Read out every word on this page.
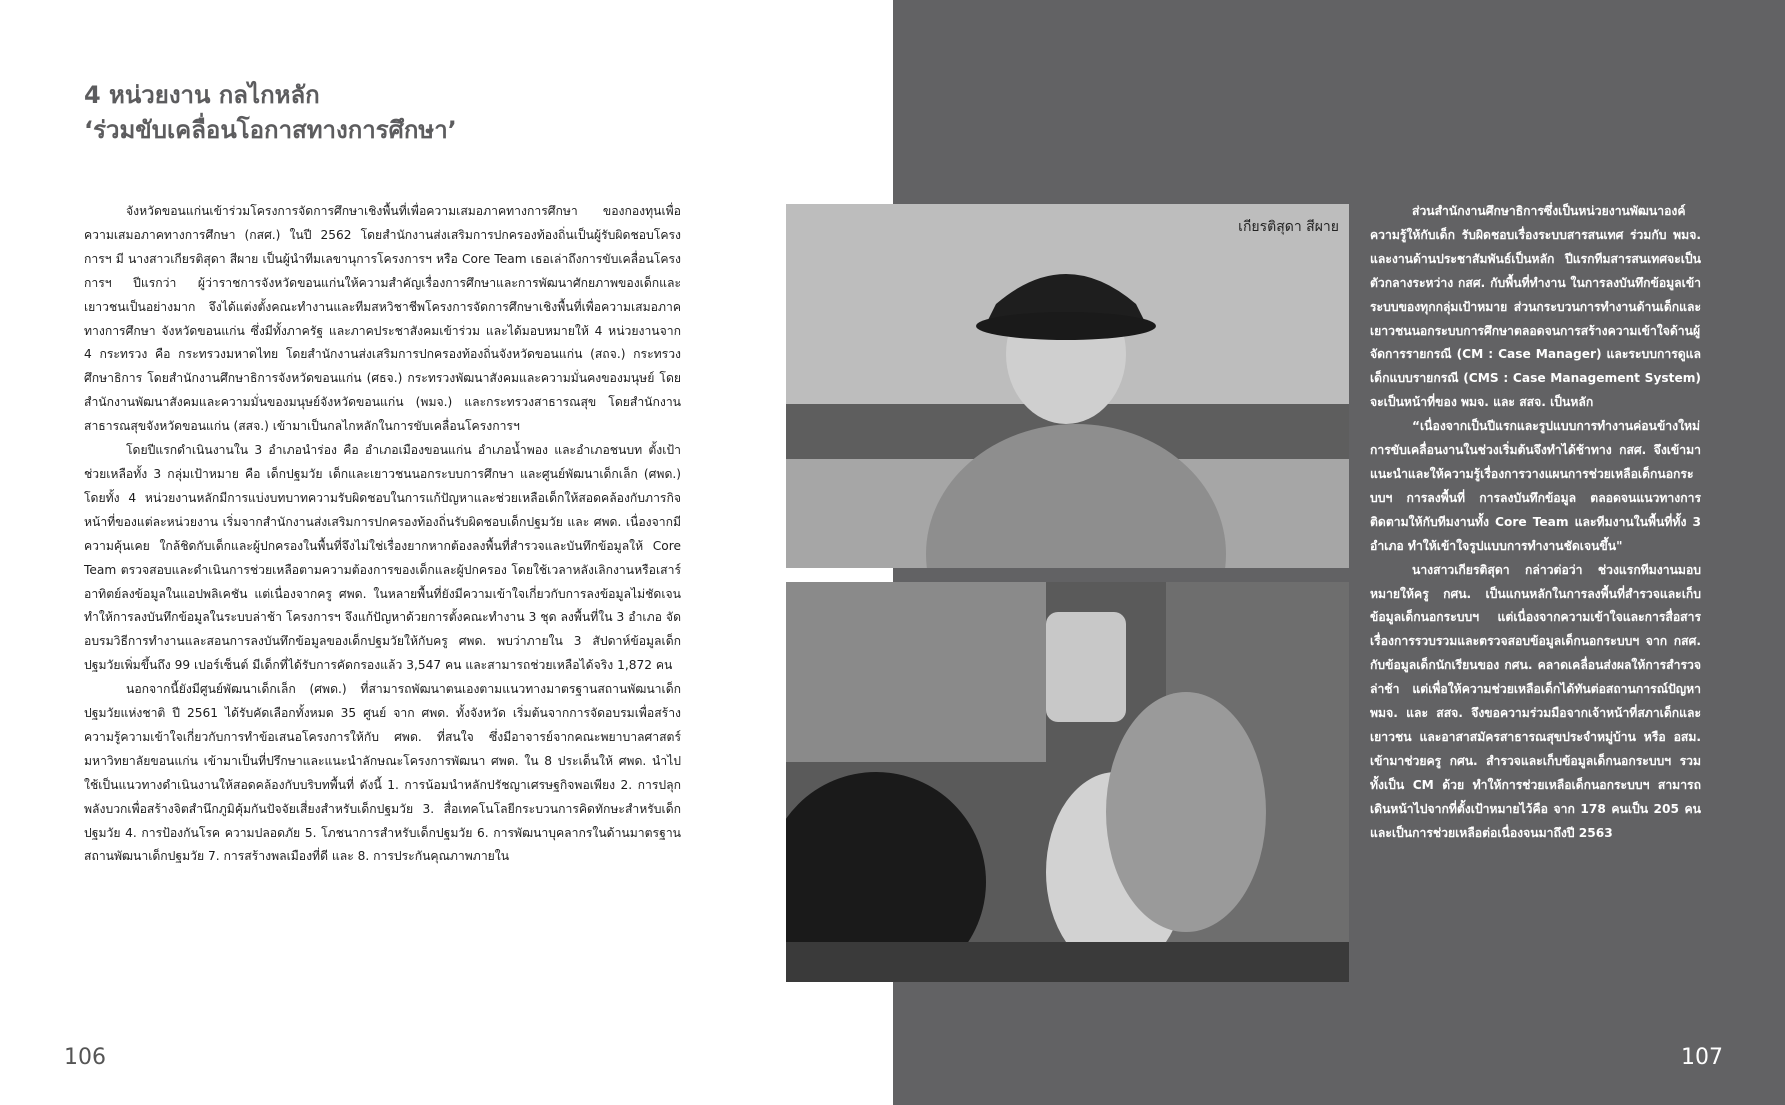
4 หน่วยงาน กลไกหลัก
‘ร่วมขับเคลื่อนโอกาสทางการศึกษา’

จังหวัดขอนแก่นเข้าร่วมโครงการจัดการศึกษาเชิงพื้นที่เพื่อความเสมอภาคทางการศึกษา ของกองทุนเพื่อความเสมอภาคทางการศึกษา (กสศ.) ในปี 2562 โดยสำนักงานส่งเสริมการปกครองท้องถิ่นเป็นผู้รับผิดชอบโครงการฯ มี นางสาวเกียรติสุดา สีผาย เป็นผู้นำทีมเลขานุการโครงการฯ หรือ Core Team เธอเล่าถึงการขับเคลื่อนโครงการฯ ปีแรกว่า ผู้ว่าราชการจังหวัดขอนแก่นให้ความสำคัญเรื่องการศึกษาและการพัฒนาศักยภาพของเด็กและเยาวชนเป็นอย่างมาก จึงได้แต่งตั้งคณะทำงานและทีมสหวิชาชีพโครงการจัดการศึกษาเชิงพื้นที่เพื่อความเสมอภาคทางการศึกษา จังหวัดขอนแก่น ซึ่งมีทั้งภาครัฐ และภาคประชาสังคมเข้าร่วม และได้มอบหมายให้ 4 หน่วยงานจาก 4 กระทรวง คือ กระทรวงมหาดไทย โดยสำนักงานส่งเสริมการปกครองท้องถิ่นจังหวัดขอนแก่น (สถจ.) กระทรวงศึกษาธิการ โดยสำนักงานศึกษาธิการจังหวัดขอนแก่น (ศธจ.) กระทรวงพัฒนาสังคมและความมั่นคงของมนุษย์ โดยสำนักงานพัฒนาสังคมและความมั่นของมนุษย์จังหวัดขอนแก่น (พมจ.) และกระทรวงสาธารณสุข โดยสำนักงานสาธารณสุขจังหวัดขอนแก่น (สสจ.) เข้ามาเป็นกลไกหลักในการขับเคลื่อนโครงการฯ

โดยปีแรกดำเนินงานใน 3 อำเภอนำร่อง คือ อำเภอเมืองขอนแก่น อำเภอน้ำพอง และอำเภอชนบท ตั้งเป้าช่วยเหลือทั้ง 3 กลุ่มเป้าหมาย คือ เด็กปฐมวัย เด็กและเยาวชนนอกระบบการศึกษา และศูนย์พัฒนาเด็กเล็ก (ศพด.) โดยทั้ง 4 หน่วยงานหลักมีการแบ่งบทบาทความรับผิดชอบในการแก้ปัญหาและช่วยเหลือเด็กให้สอดคล้องกับภารกิจหน้าที่ของแต่ละหน่วยงาน เริ่มจากสำนักงานส่งเสริมการปกครองท้องถิ่นรับผิดชอบเด็กปฐมวัย และ ศพด. เนื่องจากมีความคุ้นเคย ใกล้ชิดกับเด็กและผู้ปกครองในพื้นที่จึงไม่ใช่เรื่องยากหากต้องลงพื้นที่สำรวจและบันทึกข้อมูลให้ Core Team ตรวจสอบและดำเนินการช่วยเหลือตามความต้องการของเด็กและผู้ปกครอง โดยใช้เวลาหลังเลิกงานหรือเสาร์อาทิตย์ลงข้อมูลในแอปพลิเคชัน แต่เนื่องจากครู ศพด. ในหลายพื้นที่ยังมีความเข้าใจเกี่ยวกับการลงข้อมูลไม่ชัดเจน ทำให้การลงบันทึกข้อมูลในระบบล่าช้า โครงการฯ จึงแก้ปัญหาด้วยการตั้งคณะทำงาน 3 ชุด ลงพื้นที่ใน 3 อำเภอ จัดอบรมวิธีการทำงานและสอนการลงบันทึกข้อมูลของเด็กปฐมวัยให้กับครู ศพด. พบว่าภายใน 3 สัปดาห์ข้อมูลเด็กปฐมวัยเพิ่มขึ้นถึง 99 เปอร์เซ็นต์ มีเด็กที่ได้รับการคัดกรองแล้ว 3,547 คน และสามารถช่วยเหลือได้จริง 1,872 คน

นอกจากนี้ยังมีศูนย์พัฒนาเด็กเล็ก (ศพด.) ที่สามารถพัฒนาตนเองตามแนวทางมาตรฐานสถานพัฒนาเด็กปฐมวัยแห่งชาติ ปี 2561 ได้รับคัดเลือกทั้งหมด 35 ศูนย์ จาก ศพด. ทั้งจังหวัด เริ่มต้นจากการจัดอบรมเพื่อสร้างความรู้ความเข้าใจเกี่ยวกับการทำข้อเสนอโครงการให้กับ ศพด. ที่สนใจ ซึ่งมีอาจารย์จากคณะพยาบาลศาสตร์ มหาวิทยาลัยขอนแก่น เข้ามาเป็นที่ปรึกษาและแนะนำลักษณะโครงการพัฒนา ศพด. ใน 8 ประเด็นให้ ศพด. นำไปใช้เป็นแนวทางดำเนินงานให้สอดคล้องกับบริบทพื้นที่ ดังนี้ 1. การน้อมนำหลักปรัชญาเศรษฐกิจพอเพียง 2. การปลุกพลังบวกเพื่อสร้างจิตสำนึกภูมิคุ้มกันปัจจัยเสี่ยงสำหรับเด็กปฐมวัย 3. สื่อเทคโนโลยีกระบวนการคิดทักษะสำหรับเด็กปฐมวัย 4. การป้องกันโรค ความปลอดภัย 5. โภชนาการสำหรับเด็กปฐมวัย 6. การพัฒนาบุคลากรในด้านมาตรฐานสถานพัฒนาเด็กปฐมวัย 7. การสร้างพลเมืองที่ดี และ 8. การประกันคุณภาพภายใน

106	107
เกียรติสุดา สีผาย

ส่วนสำนักงานศึกษาธิการซึ่งเป็นหน่วยงานพัฒนาองค์ความรู้ให้กับเด็ก รับผิดชอบเรื่องระบบสารสนเทศ ร่วมกับ พมจ. และงานด้านประชาสัมพันธ์เป็นหลัก ปีแรกทีมสารสนเทศจะเป็นตัวกลางระหว่าง กสศ. กับพื้นที่ทำงาน ในการลงบันทึกข้อมูลเข้าระบบของทุกกลุ่มเป้าหมาย ส่วนกระบวนการทำงานด้านเด็กและเยาวชนนอกระบบการศึกษาตลอดจนการสร้างความเข้าใจด้านผู้จัดการรายกรณี (CM : Case Manager) และระบบการดูแลเด็กแบบรายกรณี (CMS : Case Management System) จะเป็นหน้าที่ของ พมจ. และ สสจ. เป็นหลัก

“เนื่องจากเป็นปีแรกและรูปแบบการทำงานค่อนข้างใหม่ การขับเคลื่อนงานในช่วงเริ่มต้นจึงทำได้ช้าทาง กสศ. จึงเข้ามาแนะนำและให้ความรู้เรื่องการวางแผนการช่วยเหลือเด็กนอกระบบฯ การลงพื้นที่ การลงบันทึกข้อมูล ตลอดจนแนวทางการติดตามให้กับทีมงานทั้ง Core Team และทีมงานในพื้นที่ทั้ง 3 อำเภอ ทำให้เข้าใจรูปแบบการทำงานชัดเจนขึ้น"

นางสาวเกียรติสุดา กล่าวต่อว่า ช่วงแรกทีมงานมอบหมายให้ครู กศน. เป็นแกนหลักในการลงพื้นที่สำรวจและเก็บข้อมูลเด็กนอกระบบฯ แต่เนื่องจากความเข้าใจและการสื่อสารเรื่องการรวบรวมและตรวจสอบข้อมูลเด็กนอกระบบฯ จาก กสศ. กับข้อมูลเด็กนักเรียนของ กศน. คลาดเคลื่อนส่งผลให้การสำรวจล่าช้า แต่เพื่อให้ความช่วยเหลือเด็กได้ทันต่อสถานการณ์ปัญหา พมจ. และ สสจ. จึงขอความร่วมมือจากเจ้าหน้าที่สภาเด็กและเยาวชน และอาสาสมัครสาธารณสุขประจำหมู่บ้าน หรือ อสม. เข้ามาช่วยครู กศน. สำรวจและเก็บข้อมูลเด็กนอกระบบฯ รวมทั้งเป็น CM ด้วย ทำให้การช่วยเหลือเด็กนอกระบบฯ สามารถเดินหน้าไปจากที่ตั้งเป้าหมายไว้คือ จาก 178 คนเป็น 205 คน และเป็นการช่วยเหลือต่อเนื่องจนมาถึงปี 2563
